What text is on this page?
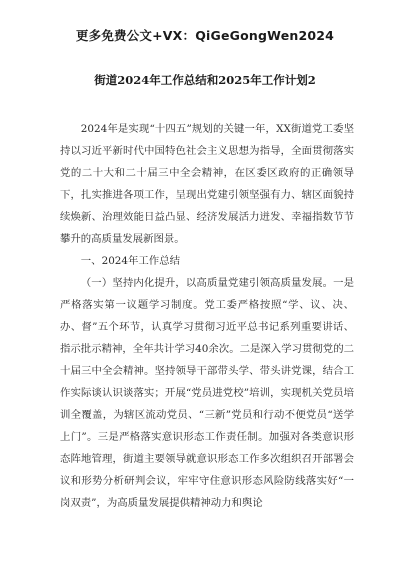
更多免费公文+VX：QiGeGongWen2024
街道2024年工作总结和2025年工作计划2

2024年是实现“十四五”规划的关键一年，XX街道党工委坚持以习近平新时代中国特色社会主义思想为指导，全面贯彻落实党的二十大和二十届三中全会精神，在区委区政府的正确领导下，扎实推进各项工作，呈现出党建引领坚强有力、辖区面貌持续焕新、治理效能日益凸显、经济发展活力迸发、幸福指数节节攀升的高质量发展新图景。

一、2024年工作总结

（一）坚持内化提升，以高质量党建引领高质量发展。一是严格落实第一议题学习制度。党工委严格按照“学、议、决、办、督”五个环节，认真学习贯彻习近平总书记系列重要讲话、指示批示精神，全年共计学习40余次。二是深入学习贯彻党的二十届三中全会精神。坚持领导干部带头学、带头讲党课，结合工作实际谈认识谈落实；开展“党员进党校”培训，实现机关党员培训全覆盖，为辖区流动党员、“三新”党员和行动不便党员“送学上门”。三是严格落实意识形态工作责任制。加强对各类意识形态阵地管理，街道主要领导就意识形态工作多次组织召开部署会议和形势分析研判会议，牢牢守住意识形态风险防线落实好“一岗双责”，为高质量发展提供精神动力和舆论
